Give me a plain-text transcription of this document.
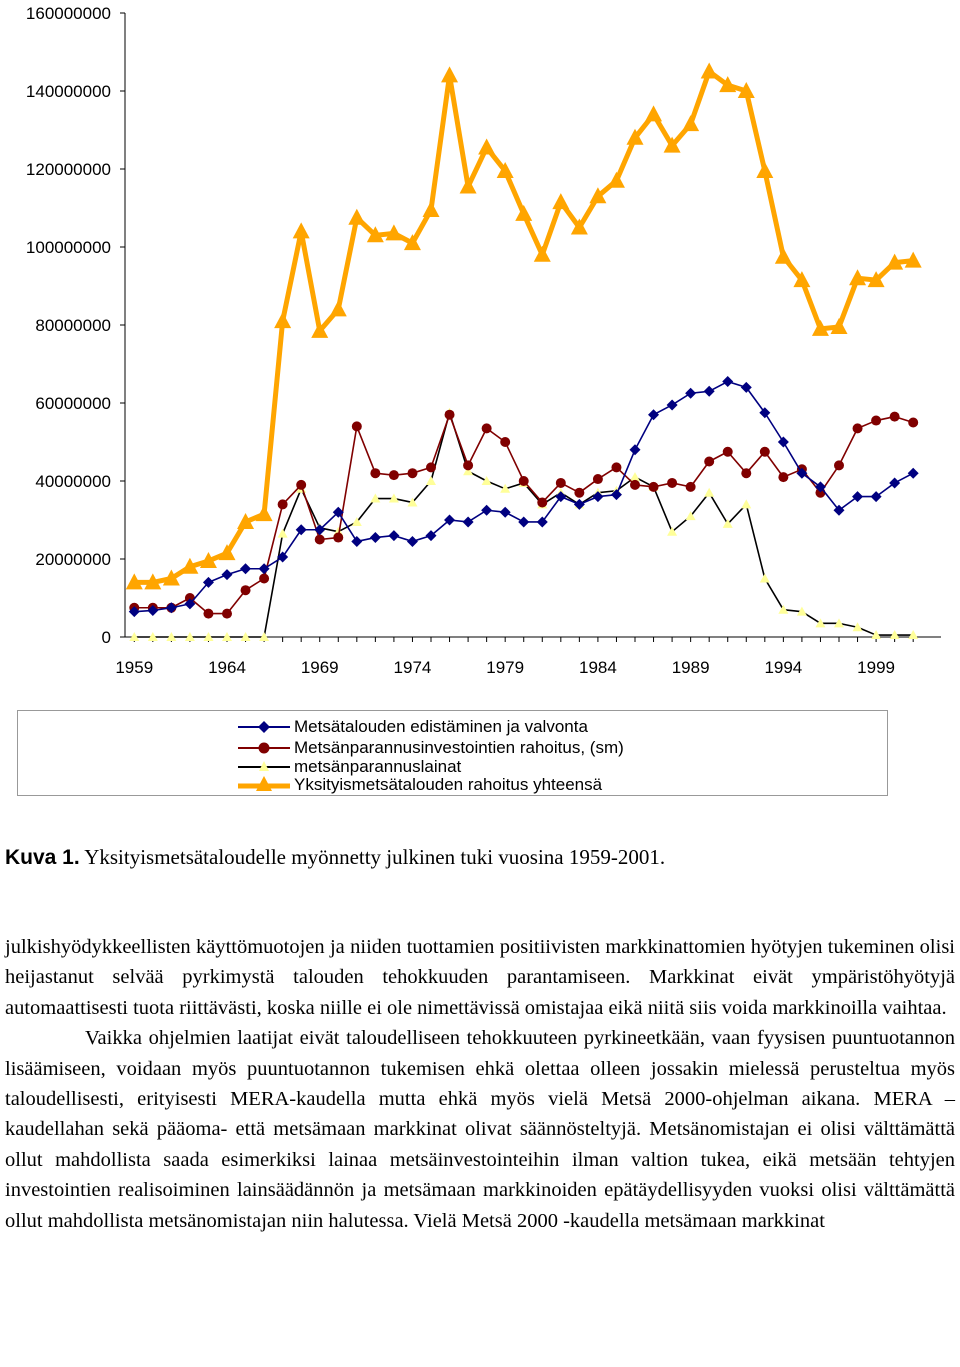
160000000
140000000
120000000
100000000
80000000
60000000
40000000
20000000
0
1959	1964	1969	1974	1979	1984	1989	1994	1999
Metsätalouden edistäminen ja valvonta
Metsänparannusinvestointien rahoitus, (sm)
metsänparannuslainat
Yksityismetsätalouden rahoitus yhteensä
Kuva 1. Yksityismetsätaloudelle myönnetty julkinen tuki vuosina 1959-2001.

julkishyödykkeellisten käyttömuotojen ja niiden tuottamien positiivisten markkinattomien hyötyjen tukeminen olisi heijastanut selvää pyrkimystä talouden tehokkuuden parantamiseen. Markkinat eivät ympäristöhyötyjä automaattisesti tuota riittävästi, koska niille ei ole nimettävissä omistajaa eikä niitä siis voida markkinoilla vaihtaa.

Vaikka ohjelmien laatijat eivät taloudelliseen tehokkuuteen pyrkineetkään, vaan fyysisen puuntuotannon lisäämiseen, voidaan myös puuntuotannon tukemisen ehkä olettaa olleen jossakin mielessä perusteltua myös taloudellisesti, erityisesti MERA-kaudella mutta ehkä myös vielä Metsä 2000-ohjelman aikana. MERA –kaudellahan sekä pääoma- että metsämaan markkinat olivat säännösteltyjä. Metsänomistajan ei olisi välttämättä ollut mahdollista saada esimerkiksi lainaa metsäinvestointeihin ilman valtion tukea, eikä metsään tehtyjen investointien realisoiminen lainsäädännön ja metsämaan markkinoiden epätäydellisyyden vuoksi olisi välttämättä ollut mahdollista metsänomistajan niin halutessa. Vielä Metsä 2000 -kaudella metsämaan markkinat
